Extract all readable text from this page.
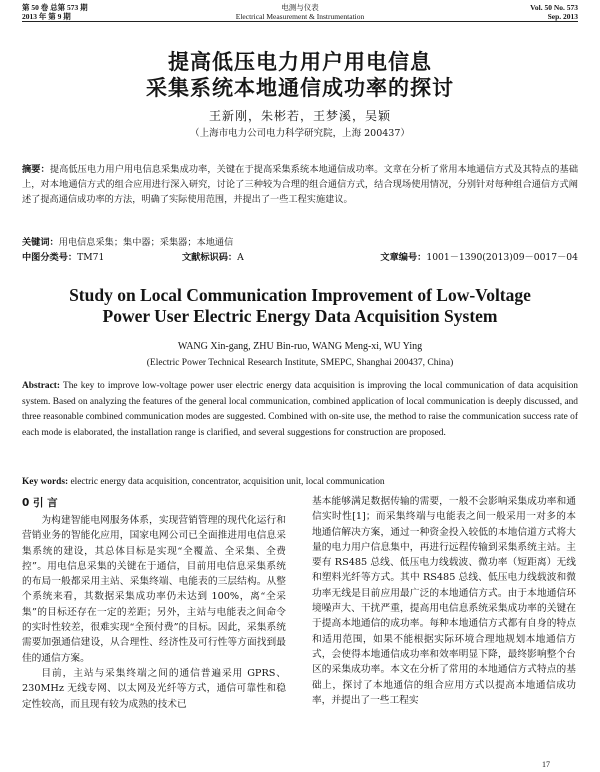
第 50 卷 总第 573 期
2013 年 第 9 期
电测与仪表
Electrical Measurement & Instrumentation
Vol. 50 No. 573
Sep. 2013
提高低压电力用户用电信息
采集系统本地通信成功率的探讨
王新刚，朱彬若，王梦溪，吴颖
（上海市电力公司电力科学研究院，上海 200437）
摘要：提高低压电力用户用电信息采集成功率，关键在于提高采集系统本地通信成功率。文章在分析了常用本地通信方式及其特点的基础上，对本地通信方式的组合应用进行深入研究，讨论了三种较为合理的组合通信方式，结合现场使用情况，分别针对每种组合通信方式阐述了提高通信成功率的方法，明确了实际使用范围，并提出了一些工程实施建议。
关键词：用电信息采集；集中器；采集器；本地通信
中图分类号：TM71	文献标识码：A	文章编号：1001－1390(2013)09－0017－04
Study on Local Communication Improvement of Low-Voltage
Power User Electric Energy Data Acquisition System
WANG Xin-gang, ZHU Bin-ruo, WANG Meng-xi, WU Ying
(Electric Power Technical Research Institute, SMEPC, Shanghai 200437, China)
Abstract: The key to improve low-voltage power user electric energy data acquisition is improving the local communication of data acquisition system. Based on analyzing the features of the general local communication, combined application of local communication is deeply discussed, and three reasonable combined communication modes are suggested. Combined with on-site use, the method to raise the communication success rate of each mode is elaborated, the installation range is clarified, and several suggestions for construction are proposed.
Key words: electric energy data acquisition, concentrator, acquisition unit, local communication
0 引 言

为构建智能电网服务体系，实现营销管理的现代化运行和营销业务的智能化应用，国家电网公司已全面推进用电信息采集系统的建设，其总体目标是实现“全覆盖、全采集、全费控”。用电信息采集的关键在于通信，目前用电信息采集系统的布局一般都采用主站、采集终端、电能表的三层结构。从整个系统来看，其数据采集成功率仍未达到 100%，离“全采集”的目标还存在一定的差距；另外，主站与电能表之间命令的实时性较差，很难实现“全预付费”的目标。因此，采集系统需要加强通信建设，从合理性、经济性及可行性等方面找到最佳的通信方案。

目前，主站与采集终端之间的通信普遍采用 GPRS、230MHz 无线专网、以太网及光纤等方式，通信可靠性和稳定性较高，而且现有较为成熟的技术已

基本能够满足数据传输的需要，一般不会影响采集成功率和通信实时性[1]；而采集终端与电能表之间一般采用一对多的本地通信解决方案，通过一种资金投入较低的本地信道方式将大量的电力用户信息集中，再进行远程传输到采集系统主站。主要有 RS485 总线、低压电力线载波、微功率（短距离）无线和塑料光纤等方式。其中 RS485 总线、低压电力线载波和微功率无线是目前应用最广泛的本地通信方式。由于本地通信环境噪声大、干扰严重，提高用电信息系统采集成功率的关键在于提高本地通信的成功率。每种本地通信方式都有自身的特点和适用范围，如果不能根据实际环境合理地规划本地通信方式，会使得本地通信成功率和效率明显下降，最终影响整个台区的采集成功率。本文在分析了常用的本地通信方式特点的基础上，探讨了本地通信的组合应用方式以提高本地通信成功率，并提出了一些工程实

17
